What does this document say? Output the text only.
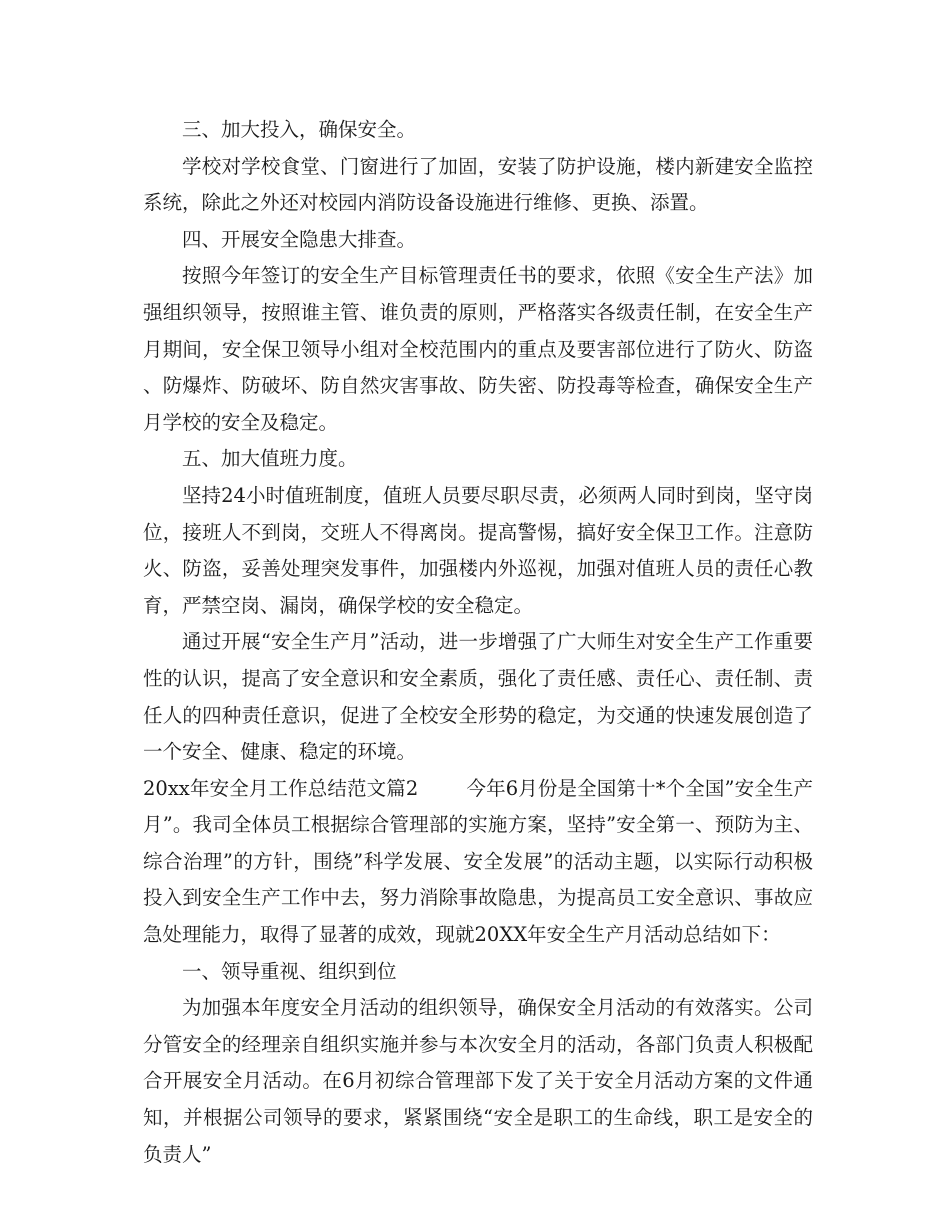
三、加大投入，确保安全。

学校对学校食堂、门窗进行了加固，安装了防护设施，楼内新建安全监控系统，除此之外还对校园内消防设备设施进行维修、更换、添置。

四、开展安全隐患大排查。

按照今年签订的安全生产目标管理责任书的要求，依照《安全生产法》加强组织领导，按照谁主管、谁负责的原则，严格落实各级责任制，在安全生产月期间，安全保卫领导小组对全校范围内的重点及要害部位进行了防火、防盗、防爆炸、防破坏、防自然灾害事故、防失密、防投毒等检查，确保安全生产月学校的安全及稳定。

五、加大值班力度。

坚持24小时值班制度，值班人员要尽职尽责，必须两人同时到岗，坚守岗位，接班人不到岗，交班人不得离岗。提高警惕，搞好安全保卫工作。注意防火、防盗，妥善处理突发事件，加强楼内外巡视，加强对值班人员的责任心教育，严禁空岗、漏岗，确保学校的安全稳定。

通过开展“安全生产月”活动，进一步增强了广大师生对安全生产工作重要性的认识，提高了安全意识和安全素质，强化了责任感、责任心、责任制、责任人的四种责任意识，促进了全校安全形势的稳定，为交通的快速发展创造了一个安全、健康、稳定的环境。

20xx年安全月工作总结范文篇2 今年6月份是全国第十*个全国”安全生产月”。我司全体员工根据综合管理部的实施方案，坚持”安全第一、预防为主、综合治理”的方针，围绕”科学发展、安全发展”的活动主题，以实际行动积极投入到安全生产工作中去，努力消除事故隐患，为提高员工安全意识、事故应急处理能力，取得了显著的成效，现就20XX年安全生产月活动总结如下：

一、领导重视、组织到位

为加强本年度安全月活动的组织领导，确保安全月活动的有效落实。公司分管安全的经理亲自组织实施并参与本次安全月的活动，各部门负责人积极配合开展安全月活动。在6月初综合管理部下发了关于安全月活动方案的文件通知，并根据公司领导的要求，紧紧围绕“安全是职工的生命线，职工是安全的负责人”
